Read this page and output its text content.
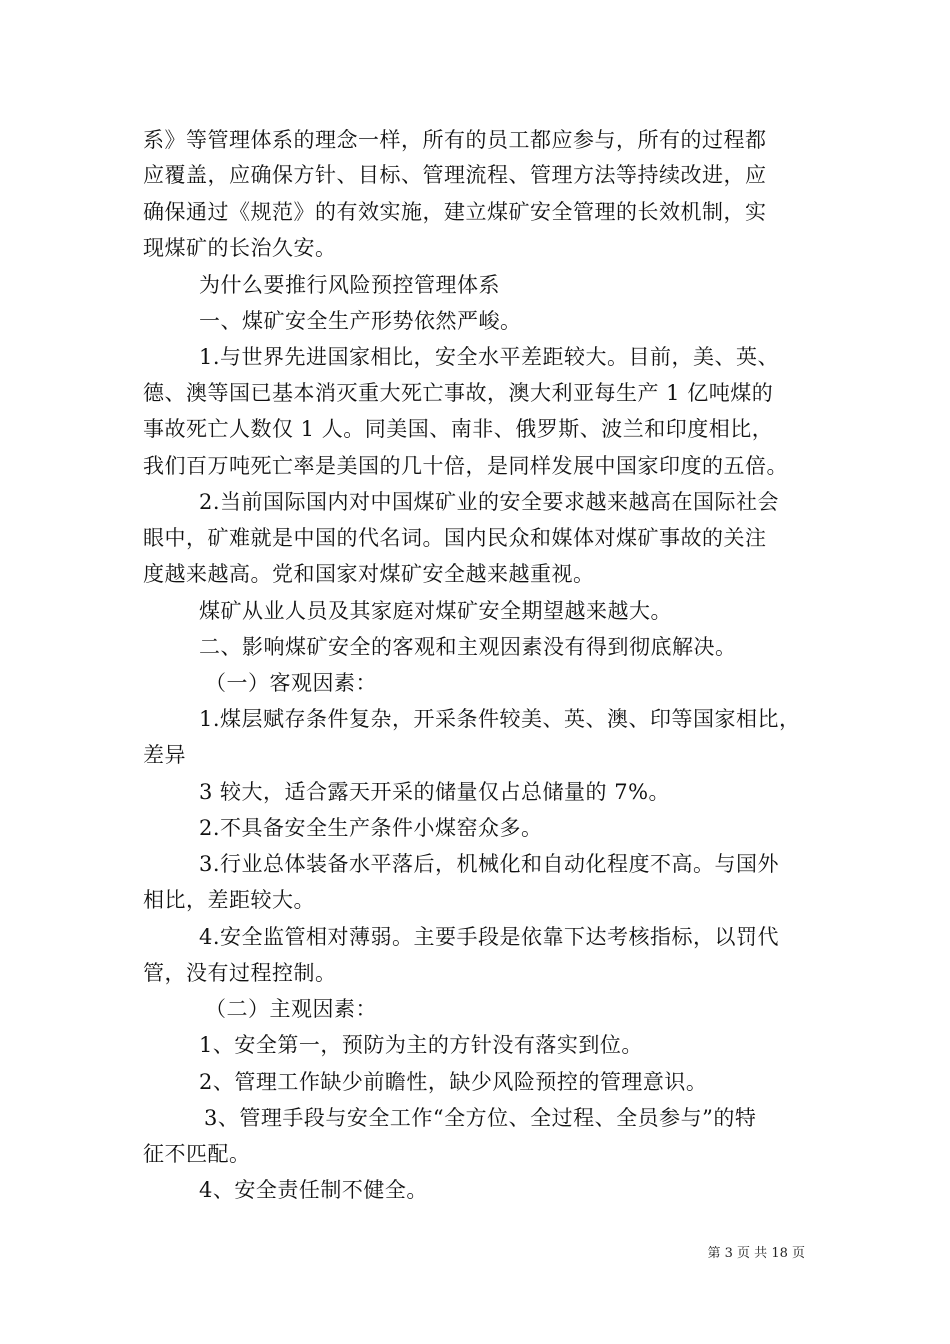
系》等管理体系的理念一样，所有的员工都应参与，所有的过程都
应覆盖，应确保方针、目标、管理流程、管理方法等持续改进，应
确保通过《规范》的有效实施，建立煤矿安全管理的长效机制，实
现煤矿的长治久安。
为什么要推行风险预控管理体系
一、煤矿安全生产形势依然严峻。
1.与世界先进国家相比，安全水平差距较大。目前，美、英、
德、澳等国已基本消灭重大死亡事故，澳大利亚每生产 1 亿吨煤的
事故死亡人数仅 1 人。同美国、南非、俄罗斯、波兰和印度相比，
我们百万吨死亡率是美国的几十倍，是同样发展中国家印度的五倍。
2.当前国际国内对中国煤矿业的安全要求越来越高在国际社会
眼中，矿难就是中国的代名词。国内民众和媒体对煤矿事故的关注
度越来越高。党和国家对煤矿安全越来越重视。
煤矿从业人员及其家庭对煤矿安全期望越来越大。
二、影响煤矿安全的客观和主观因素没有得到彻底解决。
（一）客观因素：
1.煤层赋存条件复杂，开采条件较美、英、澳、印等国家相比，
差异
3 较大，适合露天开采的储量仅占总储量的 7%。
2.不具备安全生产条件小煤窑众多。
3.行业总体装备水平落后，机械化和自动化程度不高。与国外
相比，差距较大。
4.安全监管相对薄弱。主要手段是依靠下达考核指标，以罚代
管，没有过程控制。
（二）主观因素：
1、安全第一，预防为主的方针没有落实到位。
2、管理工作缺少前瞻性，缺少风险预控的管理意识。
3、管理手段与安全工作“全方位、全过程、全员参与”的特
征不匹配。
4、安全责任制不健全。
第 3 页 共 18 页
